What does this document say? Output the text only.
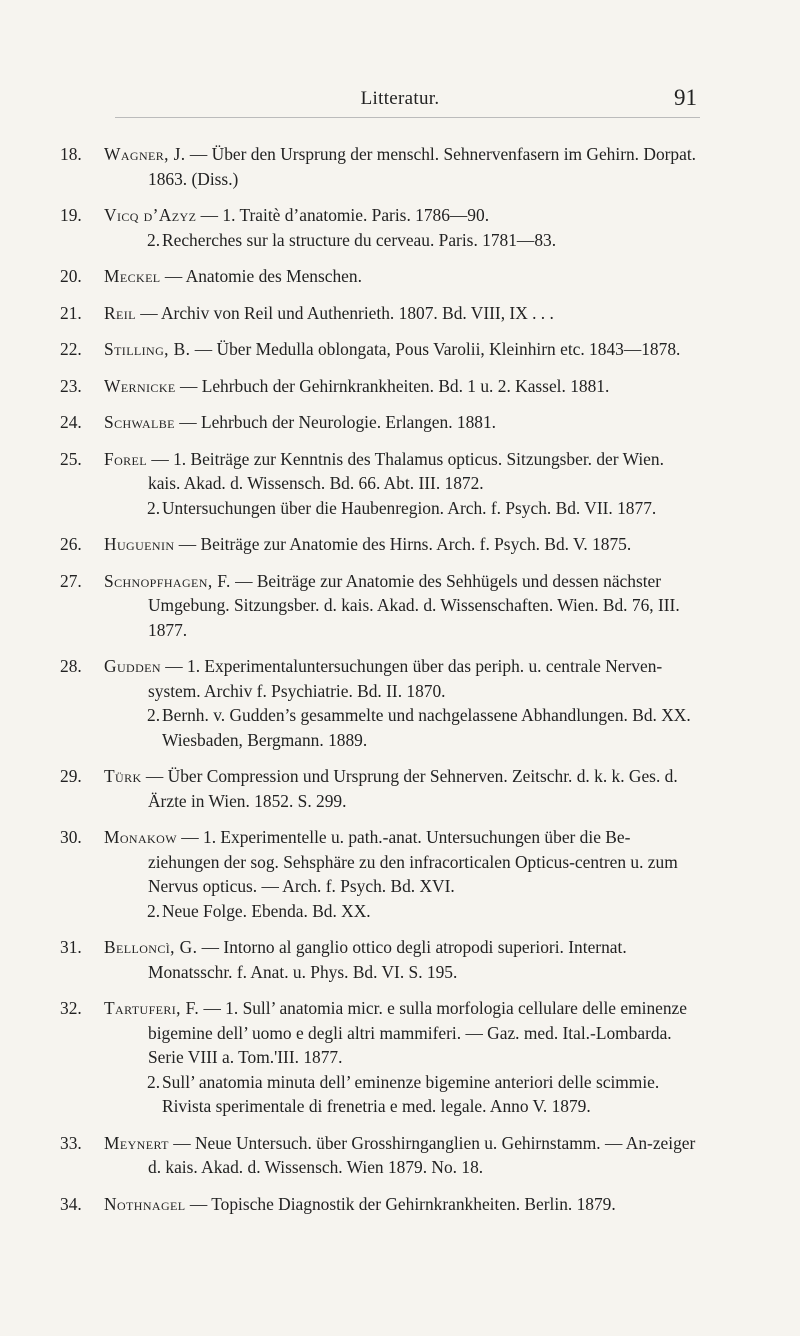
Litteratur.	91
18. Wagner, J. — Über den Ursprung der menschl. Sehnervenfasern im Gehirn. Dorpat. 1863. (Diss.)
19. Vicq d’Azyz — 1. Traitè d’anatomie. Paris. 1786—90.
2. Recherches sur la structure du cerveau. Paris. 1781—83.
20. Meckel — Anatomie des Menschen.
21. Reil — Archiv von Reil und Authenrieth. 1807. Bd. VIII, IX . . .
22. Stilling, B. — Über Medulla oblongata, Pous Varolii, Kleinhirn etc. 1843—1878.
23. Wernicke — Lehrbuch der Gehirnkrankheiten. Bd. 1 u. 2. Kassel. 1881.
24. Schwalbe — Lehrbuch der Neurologie. Erlangen. 1881.
25. Forel — 1. Beiträge zur Kenntnis des Thalamus opticus. Sitzungsber. der Wien. kais. Akad. d. Wissensch. Bd. 66. Abt. III. 1872.
2. Untersuchungen über die Haubenregion. Arch. f. Psych. Bd. VII. 1877.
26. Huguenin — Beiträge zur Anatomie des Hirns. Arch. f. Psych. Bd. V. 1875.
27. Schnopfhagen, F. — Beiträge zur Anatomie des Sehhügels und dessen nächster Umgebung. Sitzungsber. d. kais. Akad. d. Wissenschaften. Wien. Bd. 76, III. 1877.
28. Gudden — 1. Experimentaluntersuchungen über das periph. u. centrale Nerven-system. Archiv f. Psychiatrie. Bd. II. 1870.
2. Bernh. v. Gudden’s gesammelte und nachgelassene Abhandlungen. Bd. XX. Wiesbaden, Bergmann. 1889.
29. Türk — Über Compression und Ursprung der Sehnerven. Zeitschr. d. k. k. Ges. d. Ärzte in Wien. 1852. S. 299.
30. Monakow — 1. Experimentelle u. path.-anat. Untersuchungen über die Be-ziehungen der sog. Sehsphäre zu den infracorticalen Opticus-centren u. zum Nervus opticus. — Arch. f. Psych. Bd. XVI.
2. Neue Folge. Ebenda. Bd. XX.
31. Belloncì, G. — Intorno al ganglio ottico degli atropodi superiori. Internat. Monatsschr. f. Anat. u. Phys. Bd. VI. S. 195.
32. Tartuferi, F. — 1. Sull’ anatomia micr. e sulla morfologia cellulare delle eminenze bigemine dell’ uomo e degli altri mammiferi. — Gaz. med. Ital.-Lombarda. Serie VIII a. Tom.'III. 1877.
2. Sull’ anatomia minuta dell’ eminenze bigemine anteriori delle scimmie. Rivista sperimentale di frenetria e med. legale. Anno V. 1879.
33. Meynert — Neue Untersuch. über Grosshirnganglien u. Gehirnstamm. — An-zeiger d. kais. Akad. d. Wissensch. Wien 1879. No. 18.
34. Nothnagel — Topische Diagnostik der Gehirnkrankheiten. Berlin. 1879.
